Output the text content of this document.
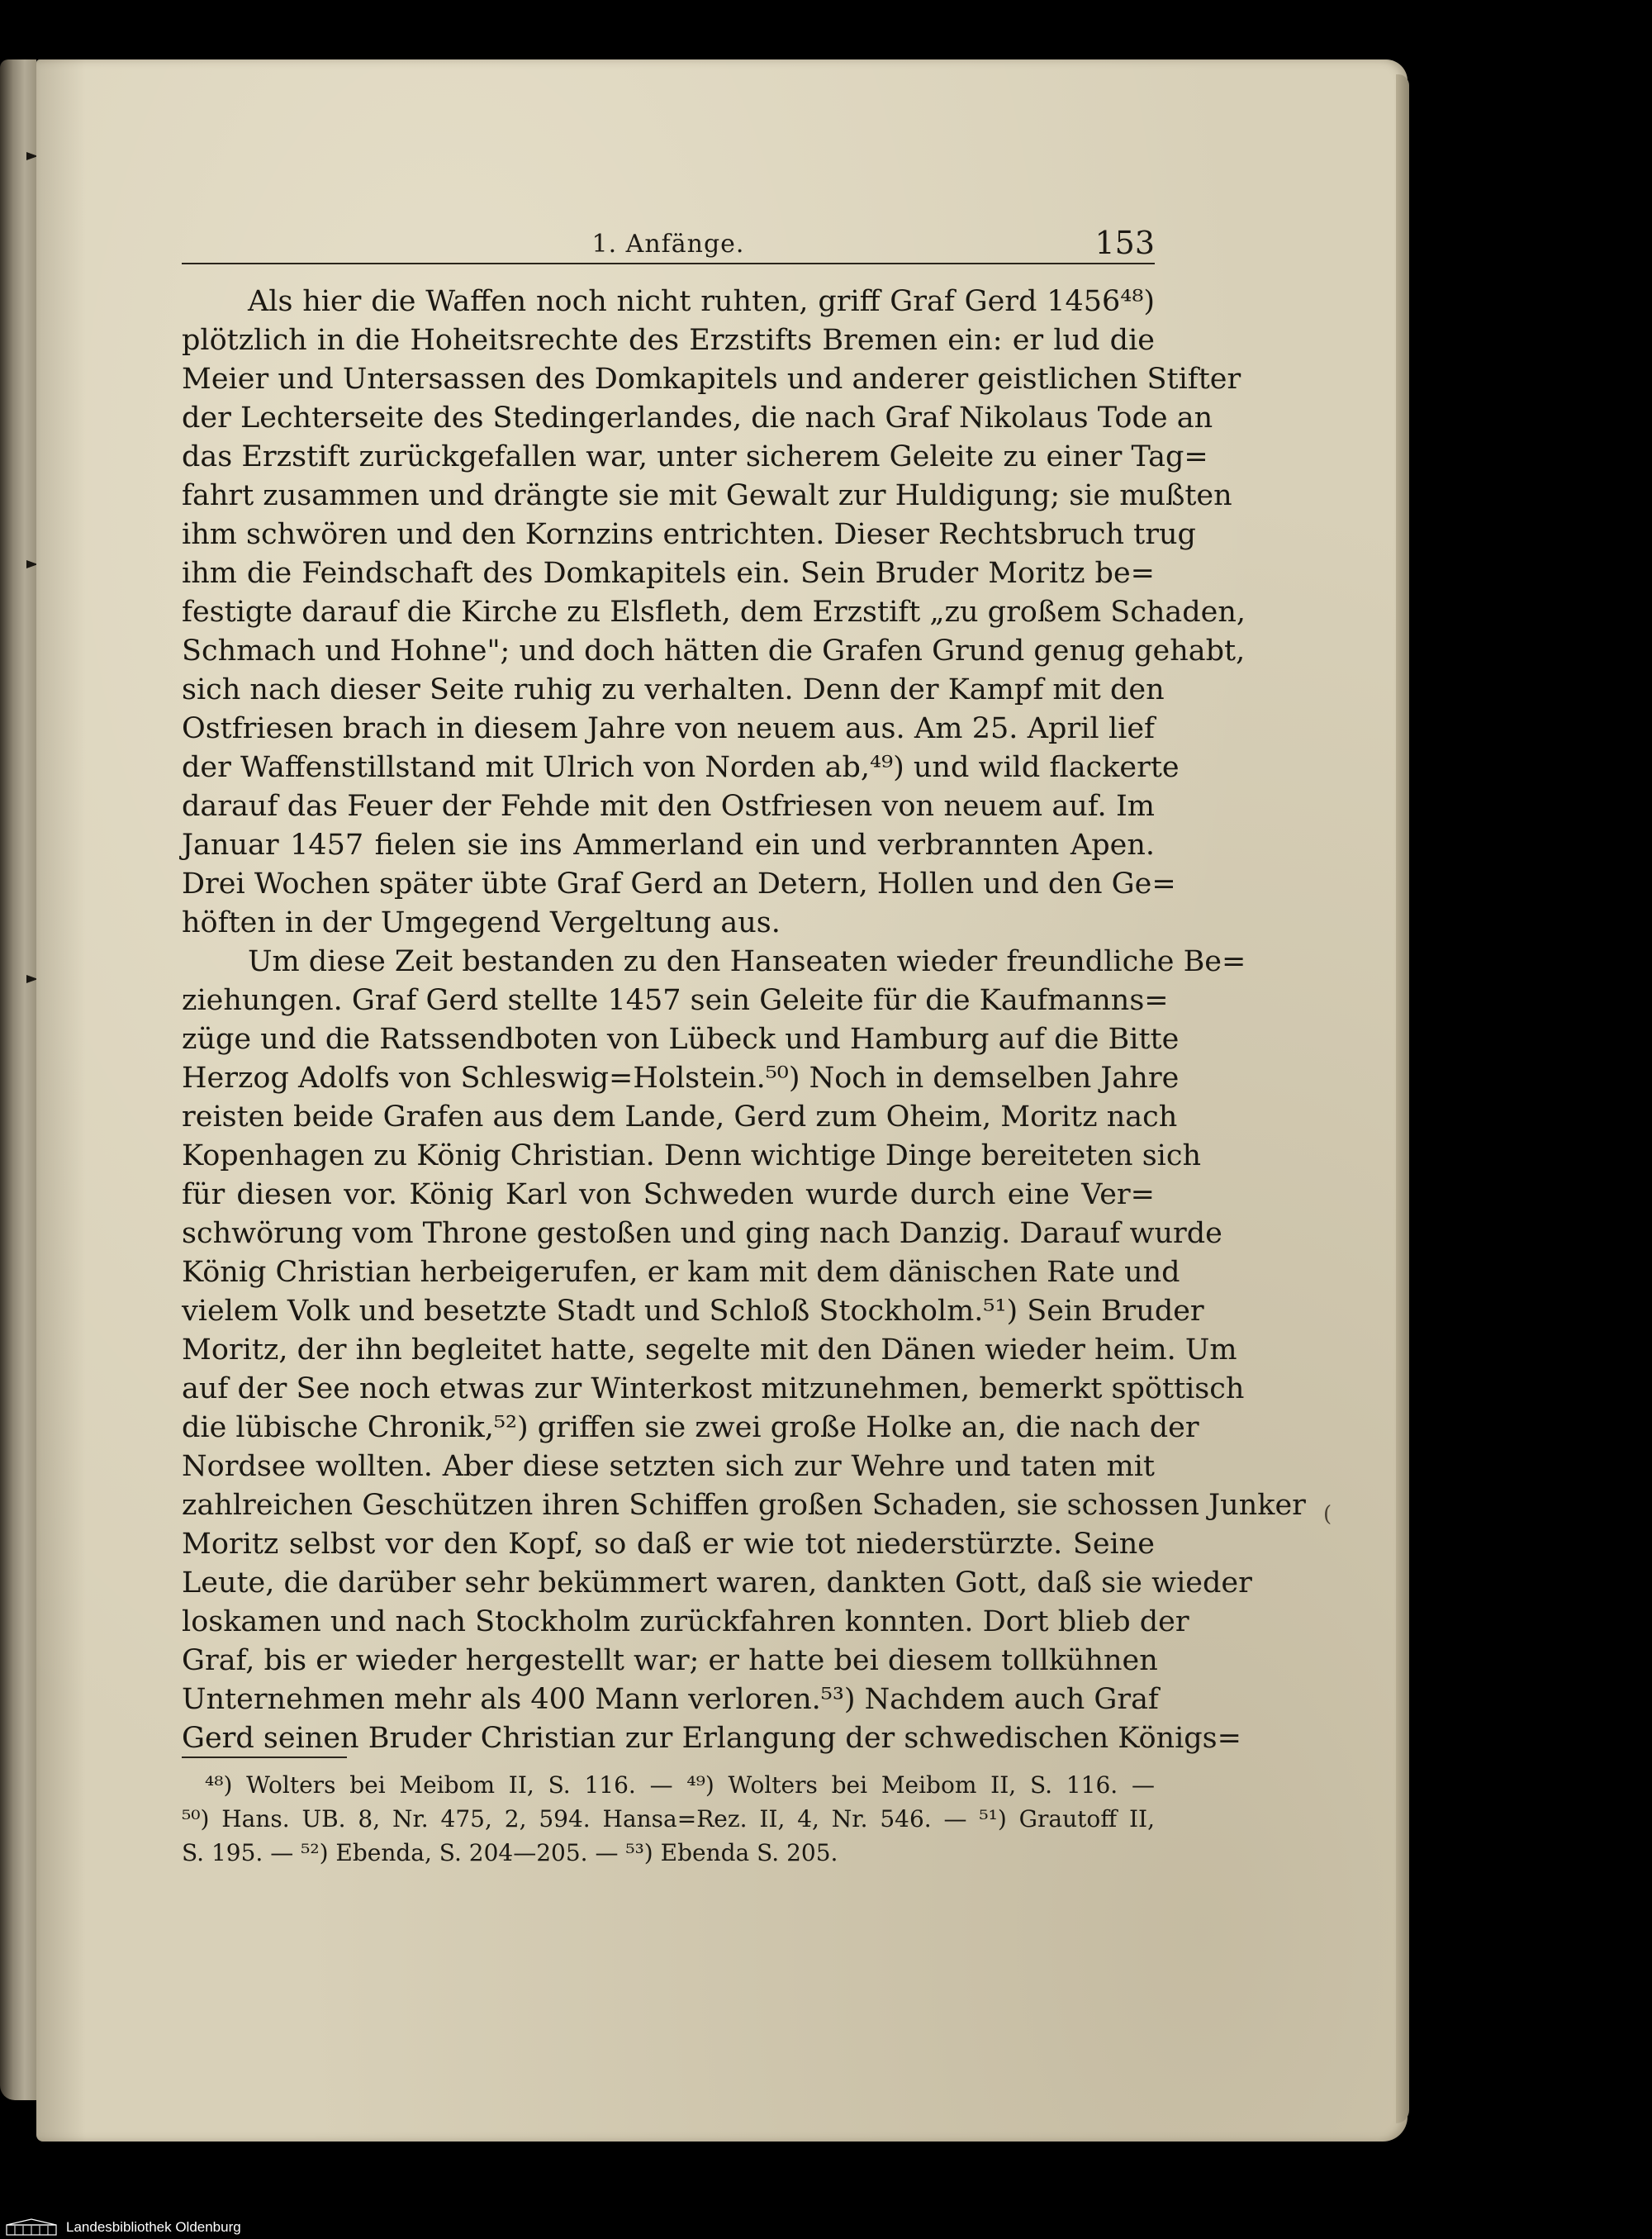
1. Anfänge.	153
Als hier die Waffen noch nicht ruhten, griff Graf Gerd 1456⁴⁸)
plötzlich in die Hoheitsrechte des Erzstifts Bremen ein: er lud die
Meier und Untersassen des Domkapitels und anderer geistlichen Stifter
der Lechterseite des Stedingerlandes, die nach Graf Nikolaus Tode an
das Erzstift zurückgefallen war, unter sicherem Geleite zu einer Tag=
fahrt zusammen und drängte sie mit Gewalt zur Huldigung; sie mußten
ihm schwören und den Kornzins entrichten. Dieser Rechtsbruch trug
ihm die Feindschaft des Domkapitels ein. Sein Bruder Moritz be=
festigte darauf die Kirche zu Elsfleth, dem Erzstift „zu großem Schaden,
Schmach und Hohne"; und doch hätten die Grafen Grund genug gehabt,
sich nach dieser Seite ruhig zu verhalten. Denn der Kampf mit den
Ostfriesen brach in diesem Jahre von neuem aus. Am 25. April lief
der Waffenstillstand mit Ulrich von Norden ab,⁴⁹) und wild flackerte
darauf das Feuer der Fehde mit den Ostfriesen von neuem auf. Im
Januar 1457 fielen sie ins Ammerland ein und verbrannten Apen.
Drei Wochen später übte Graf Gerd an Detern, Hollen und den Ge=
höften in der Umgegend Vergeltung aus.
Um diese Zeit bestanden zu den Hanseaten wieder freundliche Be=
ziehungen. Graf Gerd stellte 1457 sein Geleite für die Kaufmanns=
züge und die Ratssendboten von Lübeck und Hamburg auf die Bitte
Herzog Adolfs von Schleswig=Holstein.⁵⁰) Noch in demselben Jahre
reisten beide Grafen aus dem Lande, Gerd zum Oheim, Moritz nach
Kopenhagen zu König Christian. Denn wichtige Dinge bereiteten sich
für diesen vor. König Karl von Schweden wurde durch eine Ver=
schwörung vom Throne gestoßen und ging nach Danzig. Darauf wurde
König Christian herbeigerufen, er kam mit dem dänischen Rate und
vielem Volk und besetzte Stadt und Schloß Stockholm.⁵¹) Sein Bruder
Moritz, der ihn begleitet hatte, segelte mit den Dänen wieder heim. Um
auf der See noch etwas zur Winterkost mitzunehmen, bemerkt spöttisch
die lübische Chronik,⁵²) griffen sie zwei große Holke an, die nach der
Nordsee wollten. Aber diese setzten sich zur Wehre und taten mit
zahlreichen Geschützen ihren Schiffen großen Schaden, sie schossen Junker
Moritz selbst vor den Kopf, so daß er wie tot niederstürzte. Seine
Leute, die darüber sehr bekümmert waren, dankten Gott, daß sie wieder
loskamen und nach Stockholm zurückfahren konnten. Dort blieb der
Graf, bis er wieder hergestellt war; er hatte bei diesem tollkühnen
Unternehmen mehr als 400 Mann verloren.⁵³) Nachdem auch Graf
Gerd seinen Bruder Christian zur Erlangung der schwedischen Königs=
(
⁴⁸) Wolters bei Meibom II, S. 116. — ⁴⁹) Wolters bei Meibom II, S. 116. —
⁵⁰) Hans. UB. 8, Nr. 475, 2, 594. Hansa=Rez. II, 4, Nr. 546. — ⁵¹) Grautoff II,
S. 195. — ⁵²) Ebenda, S. 204—205. — ⁵³) Ebenda S. 205.
Landesbibliothek Oldenburg
